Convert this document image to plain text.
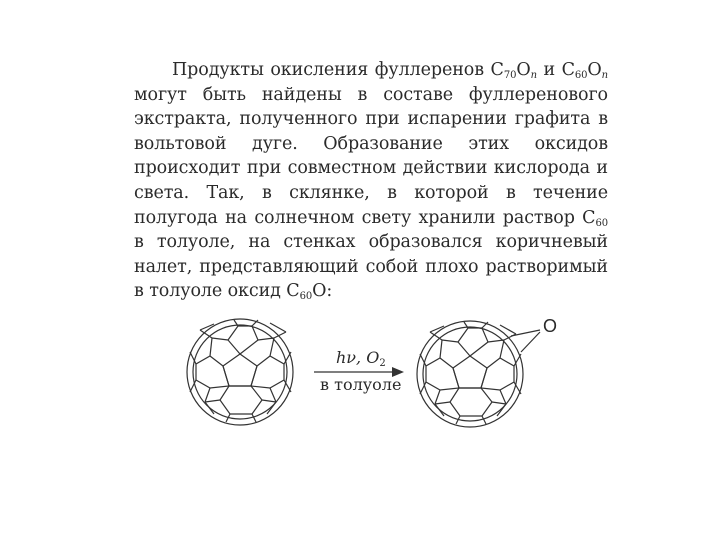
Продукты окисления фуллеренов $C_{70}O_n$ и $C_{60}O_n$ могут быть найдены в составе фуллеренового экстракта, полученного при испарении графита в вольтовой дуге. Образование этих оксидов происходит при совместном действии кислорода и света. Так, в склянке, в которой в течение полугода на солнечном свету хранили раствор $C_{60}$ в толуоле, на стенках образовался коричневый налет, представляющий собой плохо растворимый в толуоле оксид $C_{60}O$:
hν, $O_2$
в толуоле
O
